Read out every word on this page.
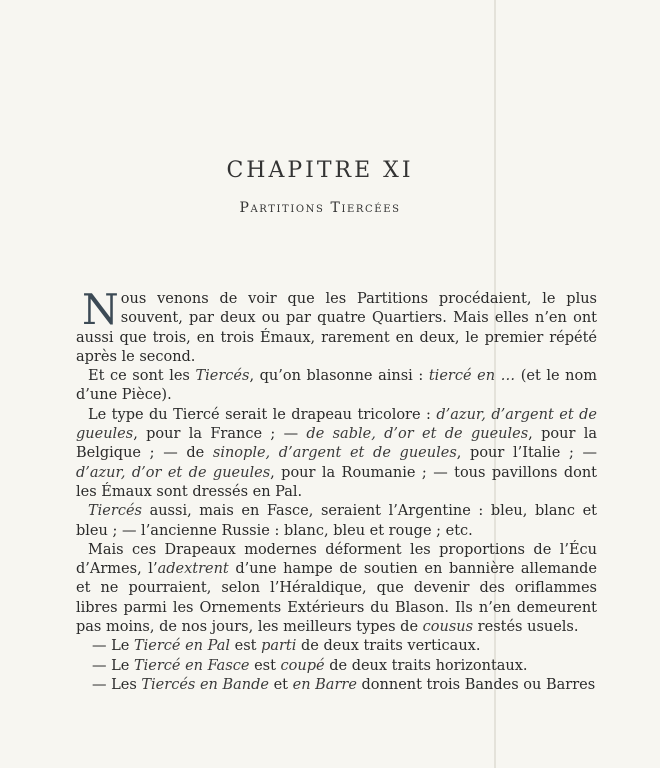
CHAPITRE XI
Partitions Tiercées

Nous venons de voir que les Partitions procédaient, le plus souvent, par deux ou par quatre Quartiers. Mais elles n’en ont aussi que trois, en trois Émaux, rarement en deux, le premier répété après le second.

Et ce sont les Tiercés, qu’on blasonne ainsi : tiercé en … (et le nom d’une Pièce).

Le type du Tiercé serait le drapeau tricolore : d’azur, d’argent et de gueules, pour la France ; — de sable, d’or et de gueules, pour la Belgique ; — de sinople, d’argent et de gueules, pour l’Italie ; — d’azur, d’or et de gueules, pour la Roumanie ; — tous pavillons dont les Émaux sont dressés en Pal.

Tiercés aussi, mais en Fasce, seraient l’Argentine : bleu, blanc et bleu ; — l’ancienne Russie : blanc, bleu et rouge ; etc.

Mais ces Drapeaux modernes déforment les proportions de l’Écu d’Armes, l’adextrent d’une hampe de soutien en bannière allemande et ne pourraient, selon l’Héraldique, que devenir des oriflammes libres parmi les Ornements Extérieurs du Blason. Ils n’en demeurent pas moins, de nos jours, les meilleurs types de cousus restés usuels.

— Le Tiercé en Pal est parti de deux traits verticaux.

— Le Tiercé en Fasce est coupé de deux traits horizontaux.

— Les Tiercés en Bande et en Barre donnent trois Bandes ou Barres
